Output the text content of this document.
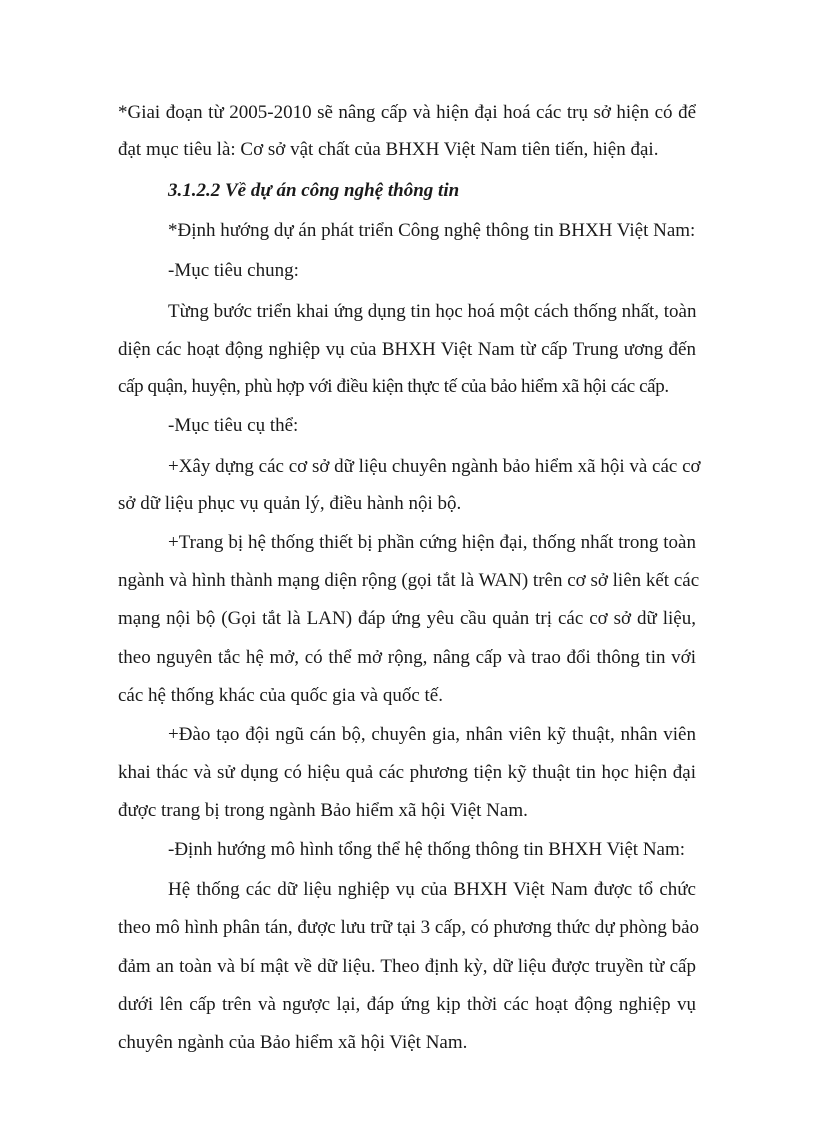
*Giai đoạn từ 2005-2010 sẽ nâng cấp và hiện đại hoá các trụ sở hiện có để
đạt mục tiêu là: Cơ sở vật chất của BHXH Việt Nam tiên tiến, hiện đại.
3.1.2.2 Về dự án công nghệ thông tin
*Định hướng dự án phát triển Công nghệ thông tin BHXH Việt Nam:
-Mục tiêu chung:
Từng bước triển khai ứng dụng tin học hoá một cách thống nhất, toàn
diện các hoạt động nghiệp vụ của BHXH Việt Nam từ cấp Trung ương đến
cấp quận, huyện, phù hợp với điều kiện thực tế của bảo hiểm xã hội các cấp.
-Mục tiêu cụ thể:
+Xây dựng các cơ sở dữ liệu chuyên ngành bảo hiểm xã hội và các cơ
sở dữ liệu phục vụ quản lý, điều hành nội bộ.
+Trang bị hệ thống thiết bị phần cứng hiện đại, thống nhất trong toàn
ngành và hình thành mạng diện rộng (gọi tắt là WAN) trên cơ sở liên kết các
mạng nội bộ (Gọi tắt là LAN) đáp ứng yêu cầu quản trị các cơ sở dữ liệu,
theo nguyên tắc hệ mở, có thể mở rộng, nâng cấp và trao đổi thông tin với
các hệ thống khác của quốc gia và quốc tế.
+Đào tạo đội ngũ cán bộ, chuyên gia, nhân viên kỹ thuật, nhân viên
khai thác và sử dụng có hiệu quả các phương tiện kỹ thuật tin học hiện đại
được trang bị trong ngành Bảo hiểm xã hội Việt Nam.
-Định hướng mô hình tổng thể hệ thống thông tin BHXH Việt Nam:
Hệ thống các dữ liệu nghiệp vụ của BHXH Việt Nam được tổ chức
theo mô hình phân tán, được lưu trữ tại 3 cấp, có phương thức dự phòng bảo
đảm an toàn và bí mật về dữ liệu. Theo định kỳ, dữ liệu được truyền từ cấp
dưới lên cấp trên và ngược lại, đáp ứng kịp thời các hoạt động nghiệp vụ
chuyên ngành của Bảo hiểm xã hội Việt Nam.
